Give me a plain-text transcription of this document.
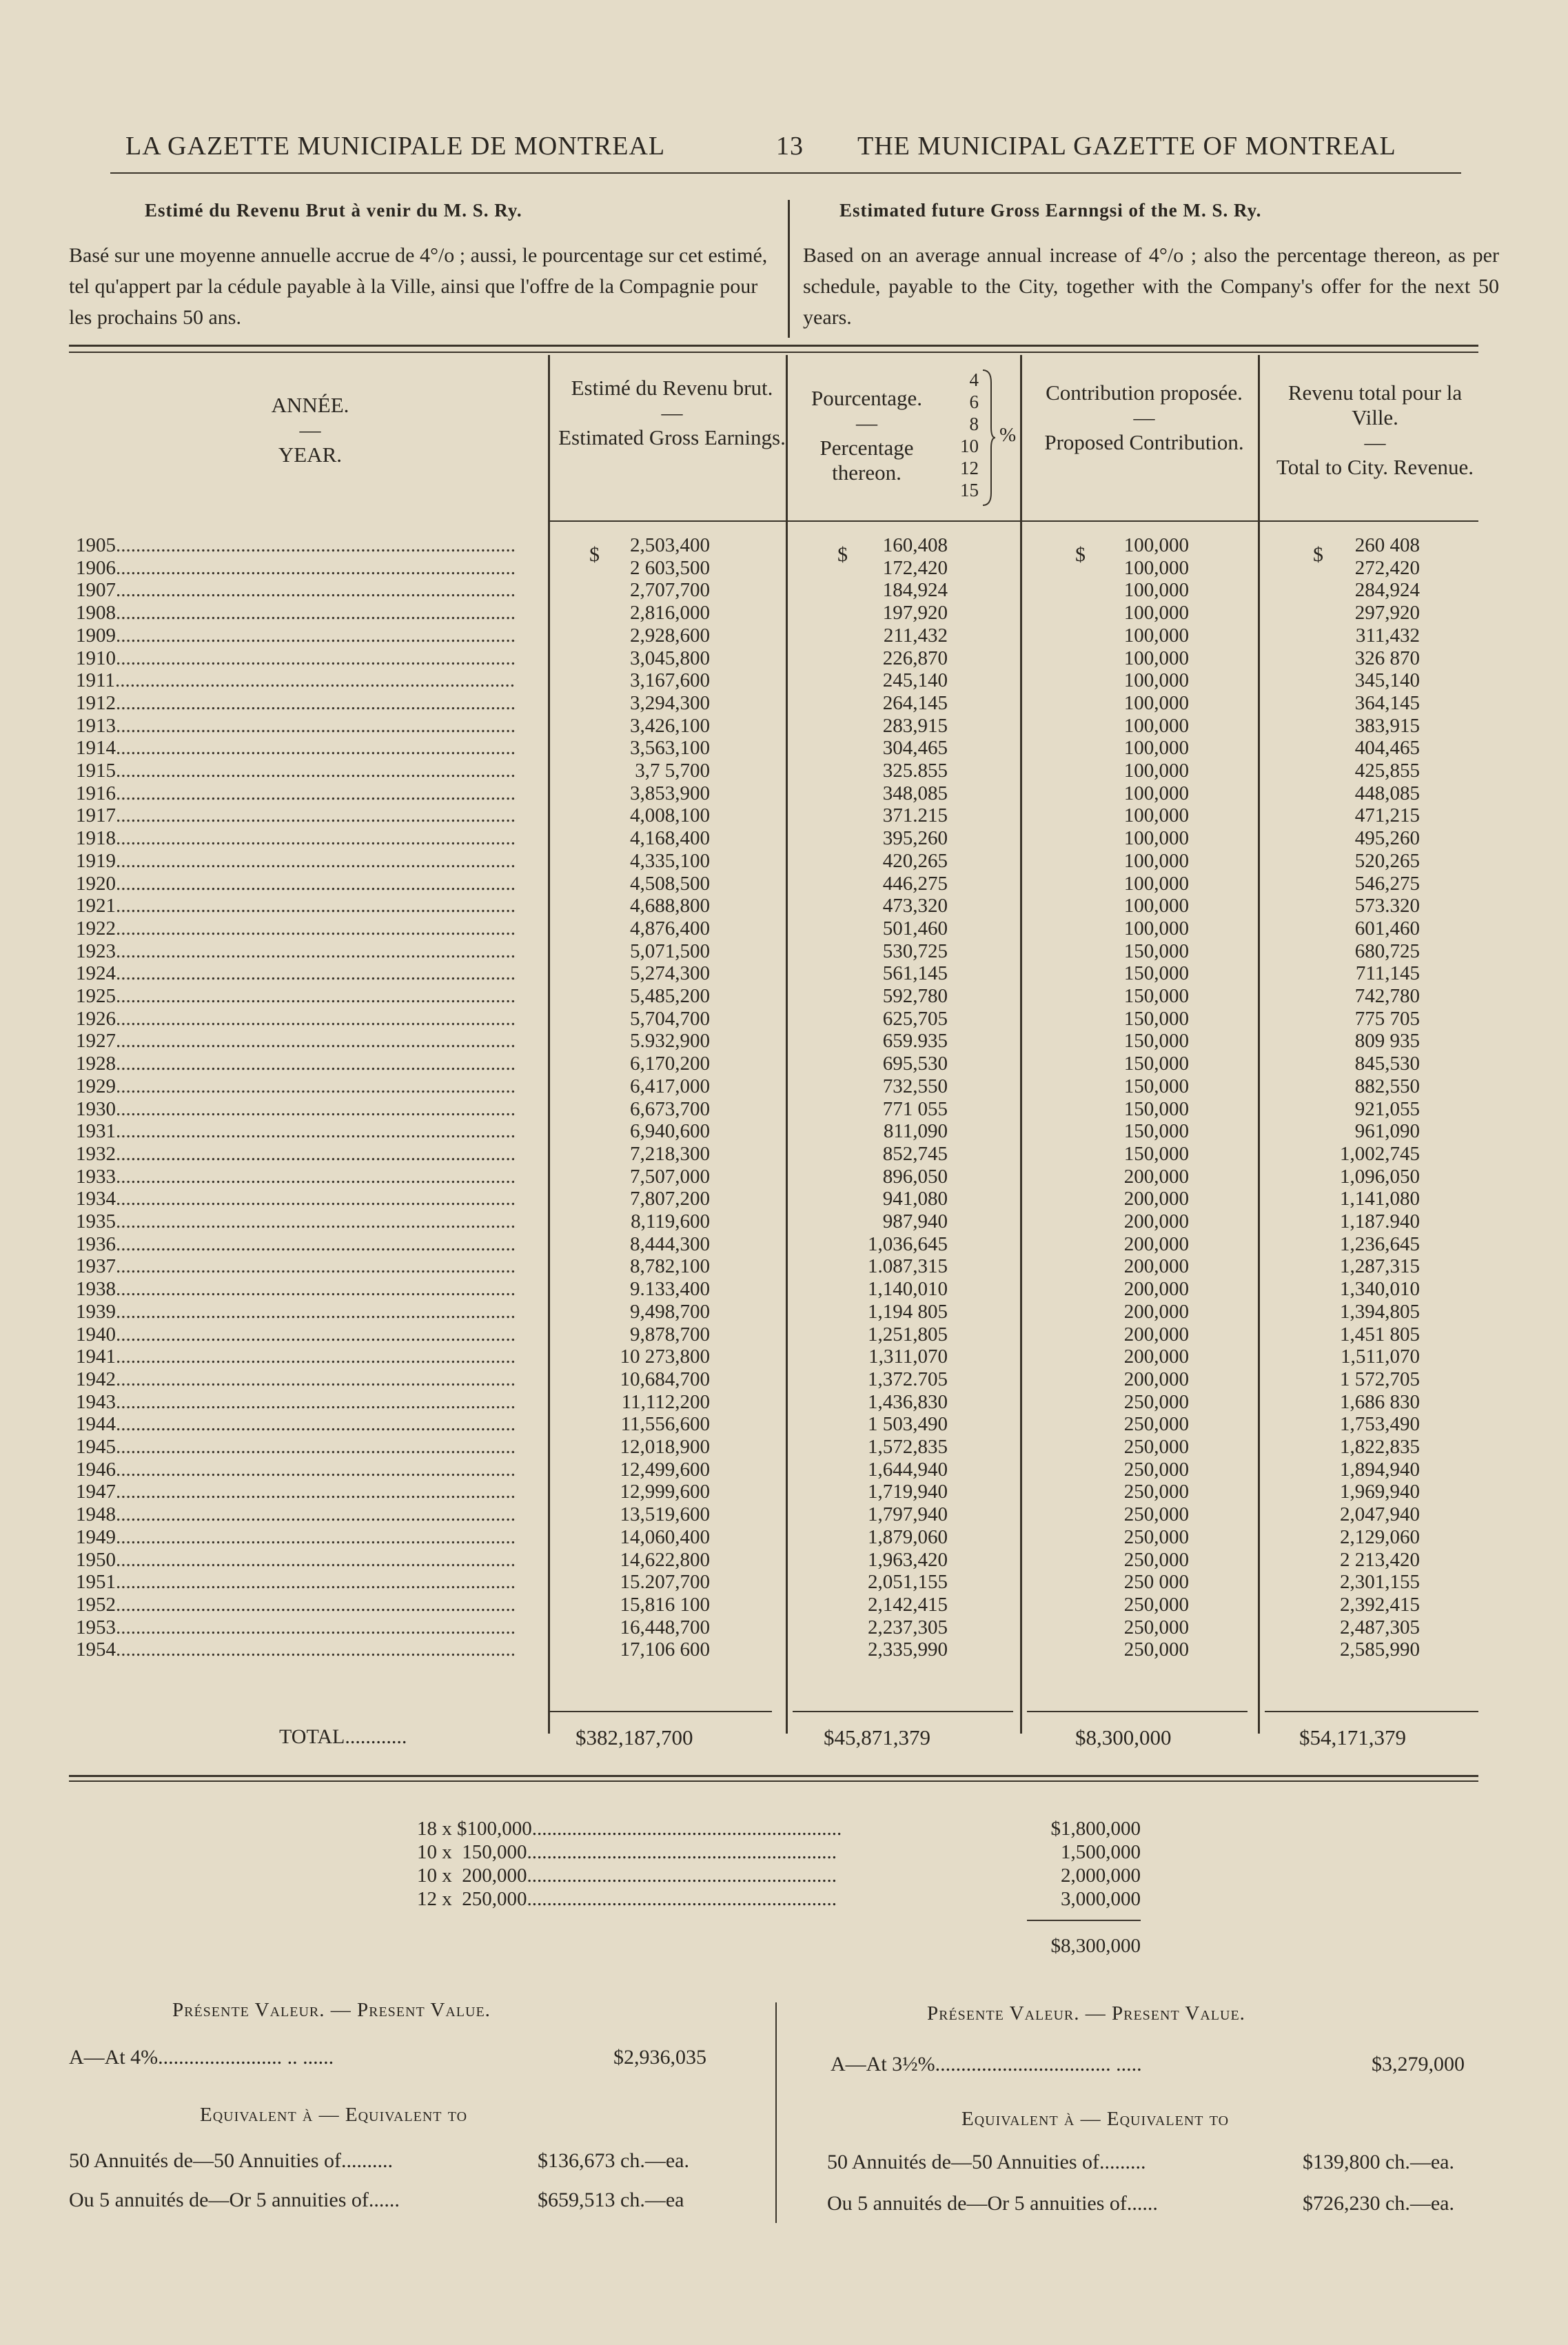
LA GAZETTE MUNICIPALE DE MONTREAL	13 THE MUNICIPAL GAZETTE OF MONTREAL
Estimé du Revenu Brut à venir du M. S. Ry.
Basé sur une moyenne annuelle accrue de 4°/o ; aussi, le pourcentage sur cet estimé, tel qu'appert par la cédule payable à la Ville, ainsi que l'offre de la Compagnie pour les prochains 50 ans.
Estimated future Gross Earnngsi of the M. S. Ry.
Based on an average annual increase of 4°/o ; also the percentage thereon, as per schedule, payable to the City, together with the Company's offer for the next 50 years.
ANNÉE.
—
YEAR.
Estimé du Revenu brut.
—
Estimated Gross Earnings.
Pourcentage.
—
Percentage thereon.
4
6
8
10
12
15
%
Contribution proposée.
—
Proposed Contribution.
Revenu total pour la Ville.
—
Total to City. Revenue.
$	$	$	$
1905................................................................................	2,503,400	160,408	100,000	260 408
1906................................................................................	2 603,500	172,420	100,000	272,420
1907................................................................................	2,707,700	184,924	100,000	284,924
1908................................................................................	2,816,000	197,920	100,000	297,920
1909................................................................................	2,928,600	211,432	100,000	311,432
1910................................................................................	3,045,800	226,870	100,000	326 870
1911................................................................................	3,167,600	245,140	100,000	345,140
1912................................................................................	3,294,300	264,145	100,000	364,145
1913................................................................................	3,426,100	283,915	100,000	383,915
1914................................................................................	3,563,100	304,465	100,000	404,465
1915................................................................................	3,7 5,700	325.855	100,000	425,855
1916................................................................................	3,853,900	348,085	100,000	448,085
1917................................................................................	4,008,100	371.215	100,000	471,215
1918................................................................................	4,168,400	395,260	100,000	495,260
1919................................................................................	4,335,100	420,265	100,000	520,265
1920................................................................................	4,508,500	446,275	100,000	546,275
1921................................................................................	4,688,800	473,320	100,000	573.320
1922................................................................................	4,876,400	501,460	100,000	601,460
1923................................................................................	5,071,500	530,725	150,000	680,725
1924................................................................................	5,274,300	561,145	150,000	711,145
1925................................................................................	5,485,200	592,780	150,000	742,780
1926................................................................................	5,704,700	625,705	150,000	775 705
1927................................................................................	5.932,900	659.935	150,000	809 935
1928................................................................................	6,170,200	695,530	150,000	845,530
1929................................................................................	6,417,000	732,550	150,000	882,550
1930................................................................................	6,673,700	771 055	150,000	921,055
1931................................................................................	6,940,600	811,090	150,000	961,090
1932................................................................................	7,218,300	852,745	150,000	1,002,745
1933................................................................................	7,507,000	896,050	200,000	1,096,050
1934................................................................................	7,807,200	941,080	200,000	1,141,080
1935................................................................................	8,119,600	987,940	200,000	1,187.940
1936................................................................................	8,444,300	1,036,645	200,000	1,236,645
1937................................................................................	8,782,100	1.087,315	200,000	1,287,315
1938................................................................................	9.133,400	1,140,010	200,000	1,340,010
1939................................................................................	9,498,700	1,194 805	200,000	1,394,805
1940................................................................................	9,878,700	1,251,805	200,000	1,451 805
1941................................................................................	10 273,800	1,311,070	200,000	1,511,070
1942................................................................................	10,684,700	1,372.705	200,000	1 572,705
1943................................................................................	11,112,200	1,436,830	250,000	1,686 830
1944................................................................................	11,556,600	1 503,490	250,000	1,753,490
1945................................................................................	12,018,900	1,572,835	250,000	1,822,835
1946................................................................................	12,499,600	1,644,940	250,000	1,894,940
1947................................................................................	12,999,600	1,719,940	250,000	1,969,940
1948................................................................................	13,519,600	1,797,940	250,000	2,047,940
1949................................................................................	14,060,400	1,879,060	250,000	2,129,060
1950................................................................................	14,622,800	1,963,420	250,000	2 213,420
1951................................................................................	15.207,700	2,051,155	250 000	2,301,155
1952................................................................................	15,816 100	2,142,415	250,000	2,392,415
1953................................................................................	16,448,700	2,237,305	250,000	2,487,305
1954................................................................................	17,106 600	2,335,990	250,000	2,585,990
TOTAL............	$382,187,700	$45,871,379	$8,300,000	$54,171,379
18 x $100,000..............................................................	$1,800,000
10 x  150,000..............................................................	1,500,000
10 x  200,000..............................................................	2,000,000
12 x  250,000..............................................................	3,000,000
$8,300,000
Présente Valeur. — Present Value.
A—At 4%........................ .. ......	$2,936,035
Equivalent à — Equivalent to
50 Annuités de—50 Annuities of..........	$136,673 ch.—ea.
Ou 5 annuités de—Or 5 annuities of......	$659,513 ch.—ea
Présente Valeur. — Present Value.
A—At 3½%.................................. .....	$3,279,000
Equivalent à — Equivalent to
50 Annuités de—50 Annuities of.........	$139,800 ch.—ea.
Ou 5 annuités de—Or 5 annuities of......	$726,230 ch.—ea.
